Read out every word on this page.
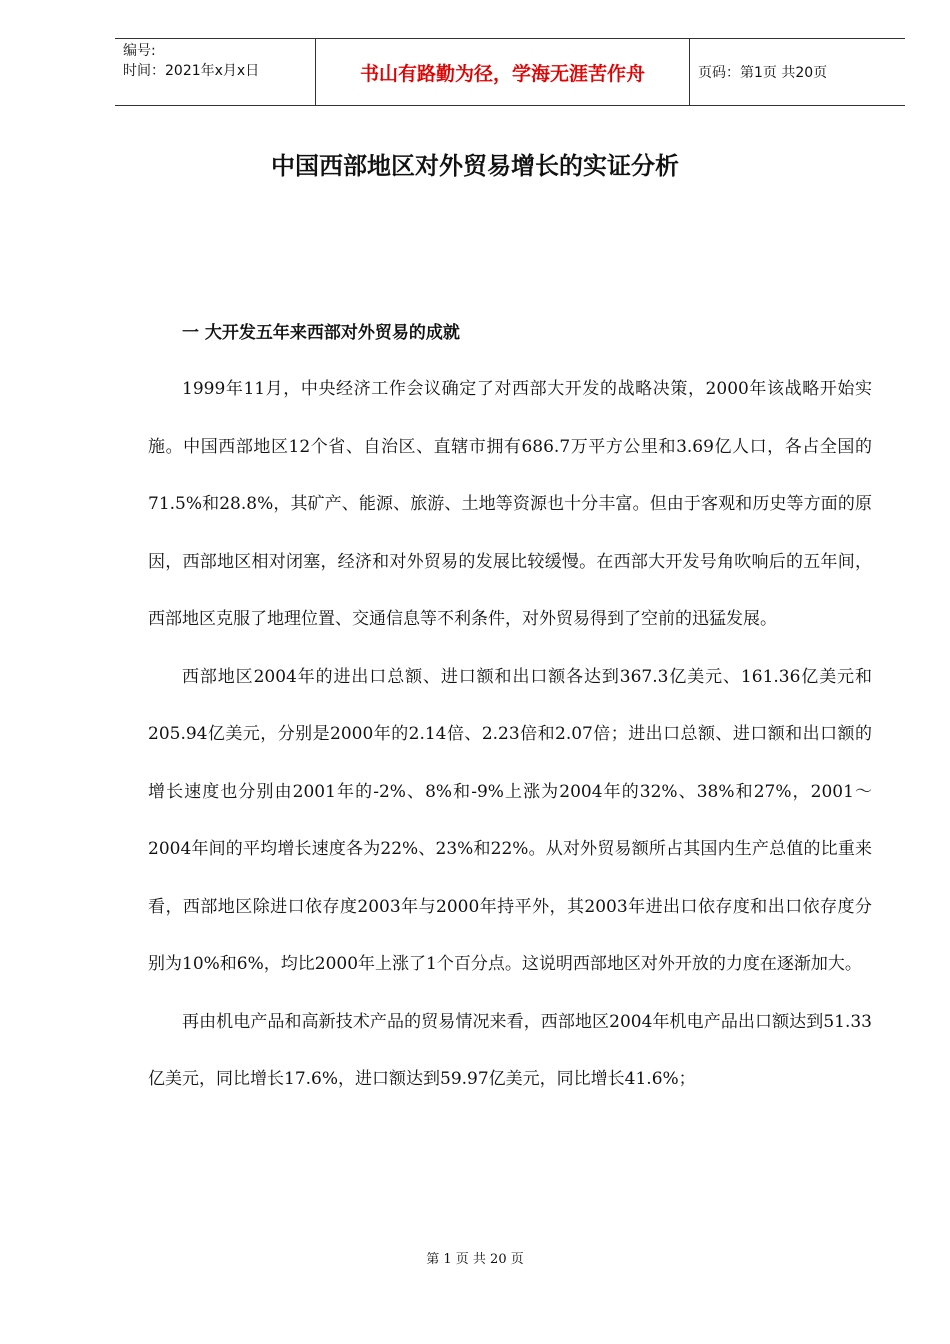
编号:
时间：2021年x月x日	书山有路勤为径，学海无涯苦作舟	页码：第1页 共20页
中国西部地区对外贸易增长的实证分析
一 大开发五年来西部对外贸易的成就

1999年11月，中央经济工作会议确定了对西部大开发的战略决策，2000年该战略开始实施。中国西部地区12个省、自治区、直辖市拥有686.7万平方公里和3.69亿人口，各占全国的71.5%和28.8%，其矿产、能源、旅游、土地等资源也十分丰富。但由于客观和历史等方面的原因，西部地区相对闭塞，经济和对外贸易的发展比较缓慢。在西部大开发号角吹响后的五年间，西部地区克服了地理位置、交通信息等不利条件，对外贸易得到了空前的迅猛发展。

西部地区2004年的进出口总额、进口额和出口额各达到367.3亿美元、161.36亿美元和205.94亿美元，分别是2000年的2.14倍、2.23倍和2.07倍；进出口总额、进口额和出口额的增长速度也分别由2001年的-2%、8%和-9%上涨为2004年的32%、38%和27%，2001～2004年间的平均增长速度各为22%、23%和22%。从对外贸易额所占其国内生产总值的比重来看，西部地区除进口依存度2003年与2000年持平外，其2003年进出口依存度和出口依存度分别为10%和6%，均比2000年上涨了1个百分点。这说明西部地区对外开放的力度在逐渐加大。

再由机电产品和高新技术产品的贸易情况来看，西部地区2004年机电产品出口额达到51.33亿美元，同比增长17.6%，进口额达到59.97亿美元，同比增长41.6%；

第 1 页 共 20 页
